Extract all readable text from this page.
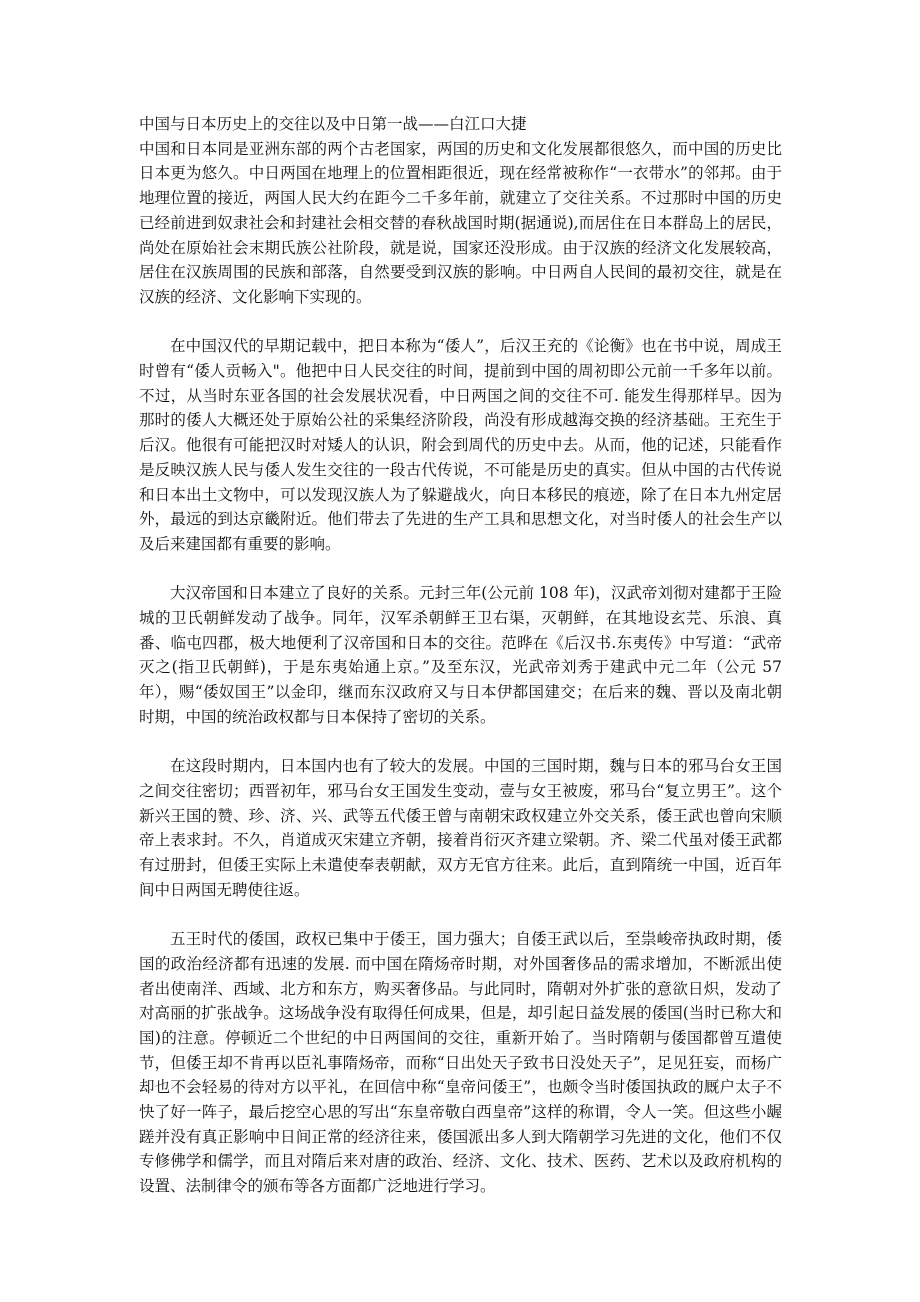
中国与日本历史上的交往以及中日第一战——白江口大捷

中国和日本同是亚洲东部的两个古老国家，两国的历史和文化发展都很悠久，而中国的历史比日本更为悠久。中日两国在地理上的位置相距很近，现在经常被称作“一衣带水”的邻邦。由于地理位置的接近，两国人民大约在距今二千多年前，就建立了交往关系。不过那时中国的历史已经前进到奴隶社会和封建社会相交替的春秋战国时期(据通说),而居住在日本群岛上的居民，尚处在原始社会末期氏族公社阶段，就是说，国家还没形成。由于汉族的经济文化发展较高，居住在汉族周围的民族和部落，自然要受到汉族的影响。中日两自人民间的最初交往，就是在汉族的经济、文化影响下实现的。

在中国汉代的早期记载中，把日本称为“倭人”，后汉王充的《论衡》也在书中说，周成王时曾有“倭人贡畅入"。他把中日人民交往的时间，提前到中国的周初即公元前一千多年以前。不过，从当时东亚各国的社会发展状况看，中日两国之间的交往不可. 能发生得那样早。因为那时的倭人大概还处于原始公社的采集经济阶段，尚没有形成越海交换的经济基础。王充生于后汉。他很有可能把汉时对矮人的认识，附会到周代的历史中去。从而，他的记述，只能看作是反映汉族人民与倭人发生交往的一段古代传说，不可能是历史的真实。但从中国的古代传说和日本出土文物中，可以发现汉族人为了躲避战火，向日本移民的痕迹，除了在日本九州定居外，最远的到达京畿附近。他们带去了先进的生产工具和思想文化，对当时倭人的社会生产以及后来建国都有重要的影响。

大汉帝国和日本建立了良好的关系。元封三年(公元前 108 年)，汉武帝刘彻对建都于王险城的卫氏朝鲜发动了战争。同年，汉军杀朝鲜王卫右渠，灭朝鲜，在其地设玄芫、乐浪、真番、临屯四郡，极大地便利了汉帝国和日本的交往。范晔在《后汉书.东夷传》中写道：“武帝灭之(指卫氏朝鲜)，于是东夷始通上京。”及至东汉，光武帝刘秀于建武中元二年（公元 57 年），赐“倭奴国王”以金印，继而东汉政府又与日本伊都国建交；在后来的魏、晋以及南北朝时期，中国的统治政权都与日本保持了密切的关系。

在这段时期内，日本国内也有了较大的发展。中国的三国时期，魏与日本的邪马台女王国之间交往密切；西晋初年，邪马台女王国发生变动，壹与女王被废，邪马台“复立男王”。这个新兴王国的赞、珍、济、兴、武等五代倭王曾与南朝宋政权建立外交关系，倭王武也曾向宋顺帝上表求封。不久，肖道成灭宋建立齐朝，接着肖衍灭齐建立梁朝。齐、梁二代虽对倭王武都有过册封，但倭王实际上未遣使奉表朝献，双方无官方往来。此后，直到隋统一中国，近百年间中日两国无聘使往返。

五王时代的倭国，政权已集中于倭王，国力强大；自倭王武以后，至祟峻帝执政时期，倭国的政治经济都有迅速的发展. 而中国在隋炀帝时期，对外国奢侈品的需求增加，不断派出使者出使南洋、西域、北方和东方，购买奢侈品。与此同时，隋朝对外扩张的意欲日炽，发动了对高丽的扩张战争。这场战争没有取得任何成果，但是，却引起日益发展的倭国(当时已称大和国)的注意。停顿近二个世纪的中日两国间的交往，重新开始了。当时隋朝与倭国都曾互遣使节，但倭王却不肯再以臣礼事隋炀帝，而称“日出处天子致书日没处天子”，足见狂妄，而杨广却也不会轻易的待对方以平礼，在回信中称“皇帝问倭王”，也颇令当时倭国执政的厩户太子不快了好一阵子，最后挖空心思的写出“东皇帝敬白西皇帝”这样的称谓，令人一笑。但这些小龌蹉并没有真正影响中日间正常的经济往来，倭国派出多人到大隋朝学习先进的文化，他们不仅专修佛学和儒学，而且对隋后来对唐的政治、经济、文化、技术、医药、艺术以及政府机构的设置、法制律令的颁布等各方面都广泛地进行学习。
